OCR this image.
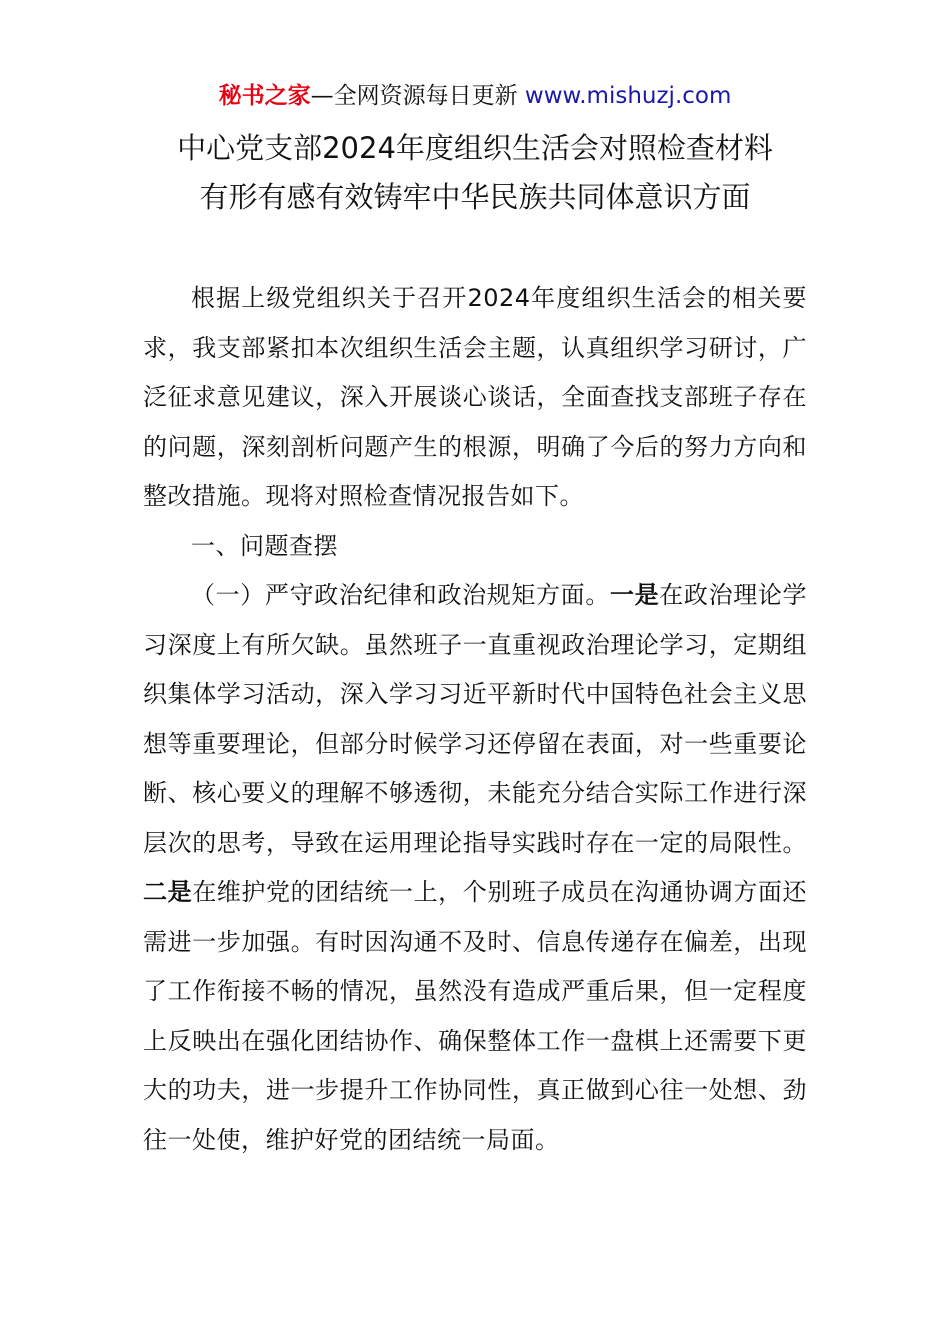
秘书之家—全网资源每日更新 www.mishuzj.com
中心党支部2024年度组织生活会对照检查材料
有形有感有效铸牢中华民族共同体意识方面

根据上级党组织关于召开2024年度组织生活会的相关要求，我支部紧扣本次组织生活会主题，认真组织学习研讨，广泛征求意见建议，深入开展谈心谈话，全面查找支部班子存在的问题，深刻剖析问题产生的根源，明确了今后的努力方向和整改措施。现将对照检查情况报告如下。

一、问题查摆

（一）严守政治纪律和政治规矩方面。一是在政治理论学习深度上有所欠缺。虽然班子一直重视政治理论学习，定期组织集体学习活动，深入学习习近平新时代中国特色社会主义思想等重要理论，但部分时候学习还停留在表面，对一些重要论断、核心要义的理解不够透彻，未能充分结合实际工作进行深层次的思考，导致在运用理论指导实践时存在一定的局限性。二是在维护党的团结统一上，个别班子成员在沟通协调方面还需进一步加强。有时因沟通不及时、信息传递存在偏差，出现了工作衔接不畅的情况，虽然没有造成严重后果，但一定程度上反映出在强化团结协作、确保整体工作一盘棋上还需要下更大的功夫，进一步提升工作协同性，真正做到心往一处想、劲往一处使，维护好党的团结统一局面。
